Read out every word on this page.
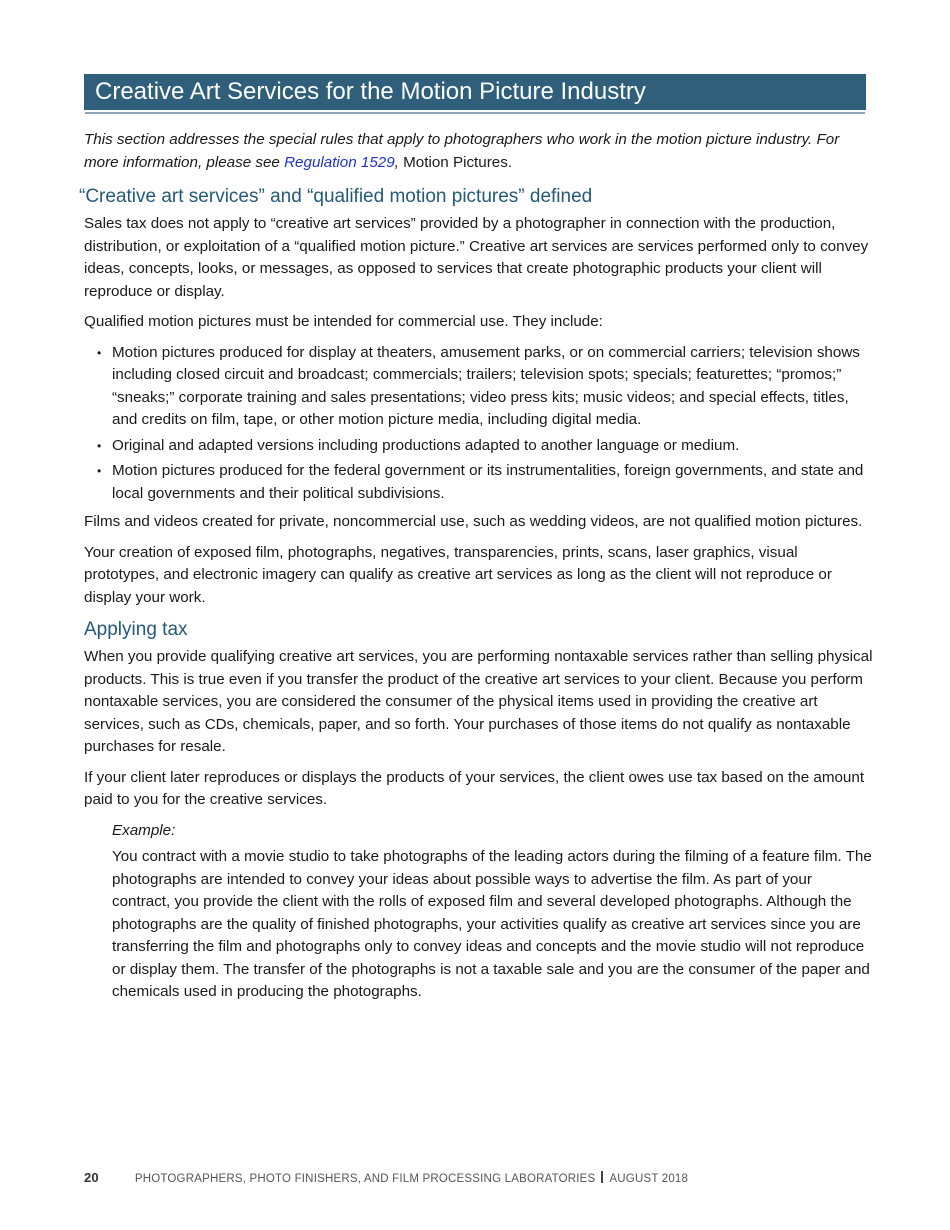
Creative Art Services for the Motion Picture Industry

This section addresses the special rules that apply to photographers who work in the motion picture industry. For more information, please see Regulation 1529, Motion Pictures.

“Creative art services” and “qualified motion pictures” defined

Sales tax does not apply to “creative art services” provided by a photographer in connection with the production, distribution, or exploitation of a “qualified motion picture.” Creative art services are services performed only to convey ideas, concepts, looks, or messages, as opposed to services that create photographic products your client will reproduce or display.

Qualified motion pictures must be intended for commercial use. They include:

• Motion pictures produced for display at theaters, amusement parks, or on commercial carriers; television shows including closed circuit and broadcast; commercials; trailers; television spots; specials; featurettes; “promos;” “sneaks;” corporate training and sales presentations; video press kits; music videos; and special effects, titles, and credits on film, tape, or other motion picture media, including digital media.
• Original and adapted versions including productions adapted to another language or medium.
• Motion pictures produced for the federal government or its instrumentalities, foreign governments, and state and local governments and their political subdivisions.

Films and videos created for private, noncommercial use, such as wedding videos, are not qualified motion pictures.

Your creation of exposed film, photographs, negatives, transparencies, prints, scans, laser graphics, visual prototypes, and electronic imagery can qualify as creative art services as long as the client will not reproduce or display your work.

Applying tax

When you provide qualifying creative art services, you are performing nontaxable services rather than selling physical products. This is true even if you transfer the product of the creative art services to your client. Because you perform nontaxable services, you are considered the consumer of the physical items used in providing the creative art services, such as CDs, chemicals, paper, and so forth. Your purchases of those items do not qualify as nontaxable purchases for resale.

If your client later reproduces or displays the products of your services, the client owes use tax based on the amount paid to you for the creative services.

Example:

You contract with a movie studio to take photographs of the leading actors during the filming of a feature film. The photographs are intended to convey your ideas about possible ways to advertise the film. As part of your contract, you provide the client with the rolls of exposed film and several developed photographs. Although the photographs are the quality of finished photographs, your activities qualify as creative art services since you are transferring the film and photographs only to convey ideas and concepts and the movie studio will not reproduce or display them. The transfer of the photographs is not a taxable sale and you are the consumer of the paper and chemicals used in producing the photographs.

20	PHOTOGRAPHERS, PHOTO FINISHERS, AND FILM PROCESSING LABORATORIES AUGUST 2018
